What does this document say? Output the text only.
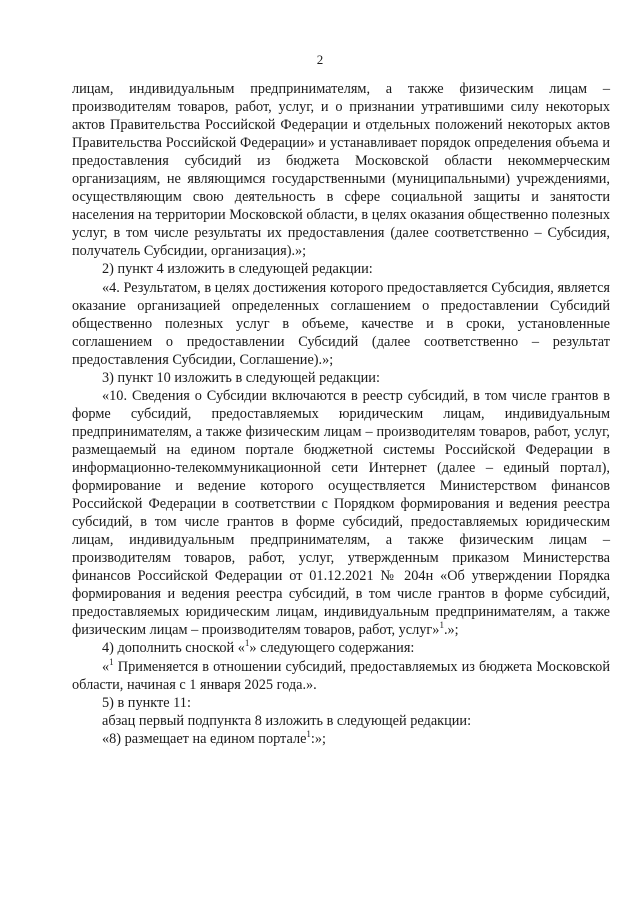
2

лицам, индивидуальным предпринимателям, а также физическим лицам – производителям товаров, работ, услуг, и о признании утратившими силу некоторых актов Правительства Российской Федерации и отдельных положений некоторых актов Правительства Российской Федерации» и устанавливает порядок определения объема и предоставления субсидий из бюджета Московской области некоммерческим организациям, не являющимся государственными (муниципальными) учреждениями, осуществляющим свою деятельность в сфере социальной защиты и занятости населения на территории Московской области, в целях оказания общественно полезных услуг, в том числе результаты их предоставления (далее соответственно – Субсидия, получатель Субсидии, организация).»;

2) пункт 4 изложить в следующей редакции:

«4. Результатом, в целях достижения которого предоставляется Субсидия, является оказание организацией определенных соглашением о предоставлении Субсидий общественно полезных услуг в объеме, качестве и в сроки, установленные соглашением о предоставлении Субсидий (далее соответственно – результат предоставления Субсидии, Соглашение).»;

3) пункт 10 изложить в следующей редакции:

«10. Сведения о Субсидии включаются в реестр субсидий, в том числе грантов в форме субсидий, предоставляемых юридическим лицам, индивидуальным предпринимателям, а также физическим лицам – производителям товаров, работ, услуг, размещаемый на едином портале бюджетной системы Российской Федерации в информационно-телекоммуникационной сети Интернет (далее – единый портал), формирование и ведение которого осуществляется Министерством финансов Российской Федерации в соответствии с Порядком формирования и ведения реестра субсидий, в том числе грантов в форме субсидий, предоставляемых юридическим лицам, индивидуальным предпринимателям, а также физическим лицам – производителям товаров, работ, услуг, утвержденным приказом Министерства финансов Российской Федерации от 01.12.2021 № 204н «Об утверждении Порядка формирования и ведения реестра субсидий, в том числе грантов в форме субсидий, предоставляемых юридическим лицам, индивидуальным предпринимателям, а также физическим лицам – производителям товаров, работ, услуг»$^1$.»;

4) дополнить сноской «$^1$» следующего содержания:

«$^1$ Применяется в отношении субсидий, предоставляемых из бюджета Московской области, начиная с 1 января 2025 года.».

5) в пункте 11:

абзац первый подпункта 8 изложить в следующей редакции:

«8) размещает на едином портале$^1$:»;
